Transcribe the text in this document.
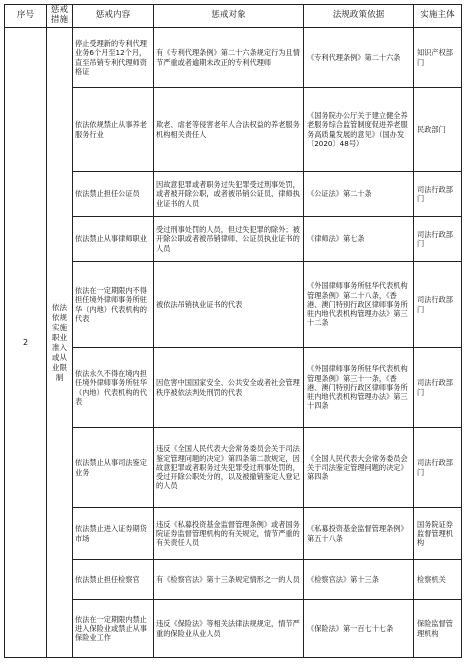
序号	惩戒措施	惩戒内容	惩戒对象	法规政策依据	实施主体
2	依法依规实施职业准入或从业限制	停止受理新的专利代理业务6个月至12个月，直至吊销专利代理师资格证	有《专利代理条例》第二十六条规定行为且情节严重或者逾期未改正的专利代理师	《专利代理条例》第二十六条	知识产权部门
		依法依规禁止从事养老服务行业	欺老、虐老等侵害老年人合法权益的养老服务机构相关责任人	《国务院办公厅关于建立健全养老服务综合监管制度促进养老服务高质量发展的意见》（国办发〔2020〕48号）	民政部门
		依法禁止担任公证员	因故意犯罪或者职务过失犯罪受过刑事处罚，或者被开除公职，或者被吊销公证员、律师执业证书的人员	《公证法》第二十条	司法行政部门
		依法禁止从事律师职业	受过刑事处罚的人员，但过失犯罪的除外；被开除公职或者被吊销律师、公证员执业证书的人员	《律师法》第七条	司法行政部门
		依法在一定期限内不得担任境外律师事务所驻华（内地）代表机构的代表	被依法吊销执业证书的代表	《外国律师事务所驻华代表机构管理条例》第二十八条，《香港、澳门特别行政区律师事务所驻内地代表机构管理办法》第三十二条	司法行政部门
		依法永久不得在境内担任境外律师事务所驻华（内地）代表机构的代表	因危害中国国家安全、公共安全或者社会管理秩序被依法判处刑罚的代表	《外国律师事务所驻华代表机构管理条例》第三十一条，《香港、澳门特别行政区律师事务所驻内地代表机构管理办法》第三十四条	司法行政部门
		依法禁止从事司法鉴定业务	违反《全国人民代表大会常务委员会关于司法鉴定管理问题的决定》第四条第二款规定，因故意犯罪或者职务过失犯罪受过刑事处罚的，受过开除公职处分的，以及被撤销鉴定人登记的人员	《全国人民代表大会常务委员会关于司法鉴定管理问题的决定》第四条	司法行政部门
		依法禁止进入证券期货市场	违反《私募投资基金监督管理条例》或者国务院证券监督管理机构的有关规定，情节严重的有关责任人员	《私募投资基金监督管理条例》第五十八条	国务院证券监督管理机构
		依法禁止担任检察官	有《检察官法》第十三条规定情形之一的人员	《检察官法》第十三条	检察机关
		依法在一定期限内禁止进入保险业或禁止从事保险业工作	违反《保险法》等相关法律法规规定，情节严重的保险业从业人员	《保险法》第一百七十七条	保险监督管理机构
